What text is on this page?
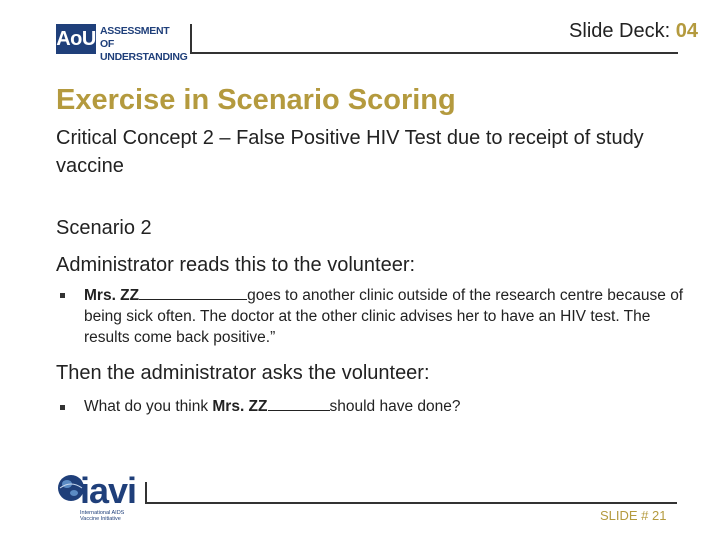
AoU ASSESSMENT OF
UNDERSTANDING
Slide Deck: 04
Exercise in Scenario Scoring
Critical Concept 2 – False Positive HIV Test due to receipt of study vaccine
Scenario 2
Administrator reads this to the volunteer:
Mrs. ZZ	goes to another clinic outside of the research centre because of being sick often. The doctor at the other clinic advises her to have an HIV test. The results come back positive.”
Then the administrator asks the volunteer:
What do you think Mrs. ZZ	should have done?
iavi
International AIDS Vaccine Initiative	SLIDE # 21
